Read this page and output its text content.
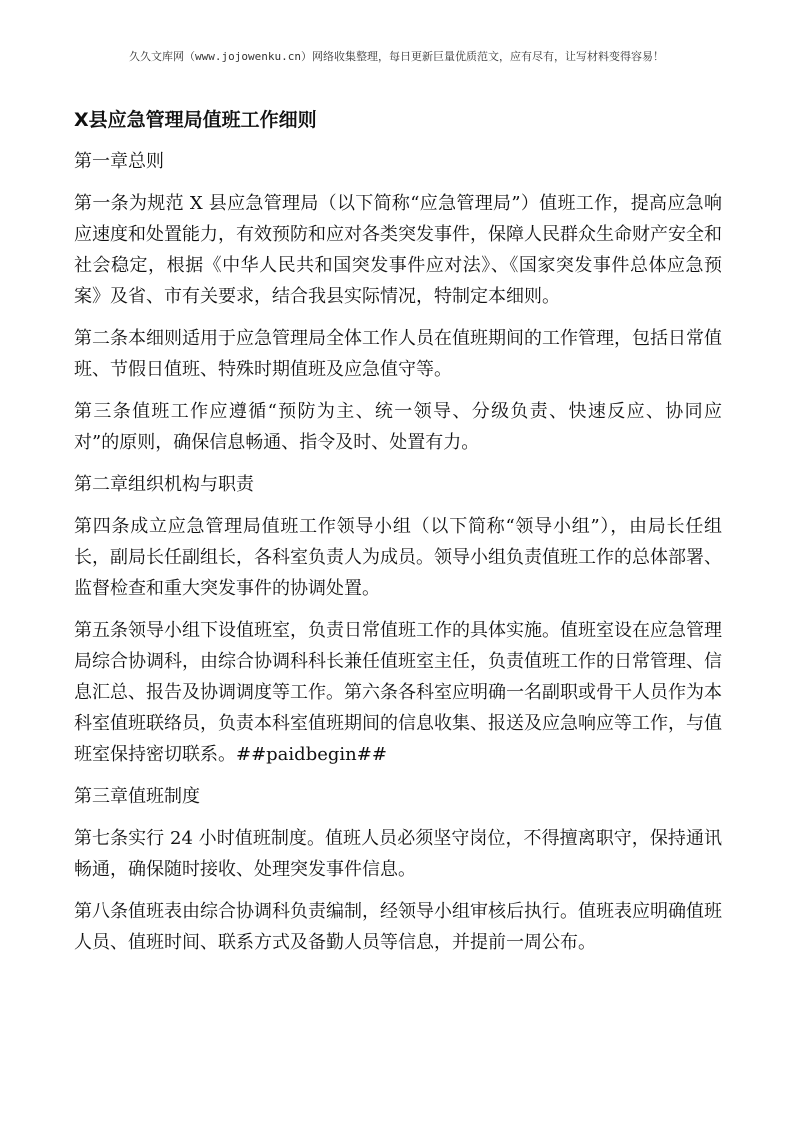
久久文库网（www.jojowenku.cn）网络收集整理，每日更新巨量优质范文，应有尽有，让写材料变得容易！
X县应急管理局值班工作细则

第一章总则

第一条为规范 X 县应急管理局（以下简称“应急管理局”）值班工作，提高应急响应速度和处置能力，有效预防和应对各类突发事件，保障人民群众生命财产安全和社会稳定，根据《中华人民共和国突发事件应对法》、《国家突发事件总体应急预案》及省、市有关要求，结合我县实际情况，特制定本细则。

第二条本细则适用于应急管理局全体工作人员在值班期间的工作管理，包括日常值班、节假日值班、特殊时期值班及应急值守等。

第三条值班工作应遵循“预防为主、统一领导、分级负责、快速反应、协同应对”的原则，确保信息畅通、指令及时、处置有力。

第二章组织机构与职责

第四条成立应急管理局值班工作领导小组（以下简称“领导小组”），由局长任组长，副局长任副组长，各科室负责人为成员。领导小组负责值班工作的总体部署、监督检查和重大突发事件的协调处置。

第五条领导小组下设值班室，负责日常值班工作的具体实施。值班室设在应急管理局综合协调科，由综合协调科科长兼任值班室主任，负责值班工作的日常管理、信息汇总、报告及协调调度等工作。第六条各科室应明确一名副职或骨干人员作为本科室值班联络员，负责本科室值班期间的信息收集、报送及应急响应等工作，与值班室保持密切联系。##paidbegin##

第三章值班制度

第七条实行 24 小时值班制度。值班人员必须坚守岗位，不得擅离职守，保持通讯畅通，确保随时接收、处理突发事件信息。

第八条值班表由综合协调科负责编制，经领导小组审核后执行。值班表应明确值班人员、值班时间、联系方式及备勤人员等信息，并提前一周公布。
